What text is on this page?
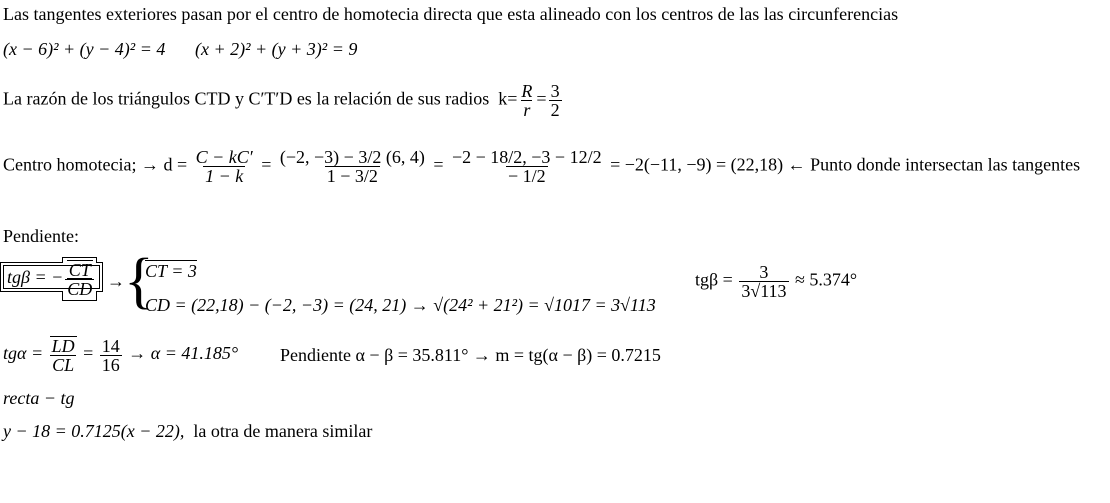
Las tangentes exteriores pasan por el centro de homotecia directa que esta alineado con los centros de las las circunferencias
(x − 6)² + (y − 4)² = 4 (x + 2)² + (y + 3)² = 9
La razón de los triángulos CTD y C′T′D es la relación de sus radios $k= \frac{R}{r} = \frac{3}{2}$
Centro homotecia; → $d = \frac{C - kC'}{1 - k} = \frac{(-2, -3) - 3/2 (6, 4)}{1 - 3/2} = \frac{-2 - 18/2, -3 - 12/2}{- 1/2} = -2(-11$, −9) = (22,18) ← Punto donde intersectan las tangentes
Pendiente:
tgβ = − $\frac{CT}{CD}$ → {
CT = 3
CD = (22,18) − (−2, −3) = (24, 21) → √(24² + 21²) = √1017 = 3√113
$tg\beta = \frac{3}{3√113} \approx 5.374^\circ$
$tg\alpha = \frac{LD}{CL} = \frac{14}{16} \to \alpha = 41.185^\circ$ Pendiente α − β = 35.811° → m = tg(α − β) = 0.7215
recta − tg
y − 18 = 0.7125(x − 22), la otra de manera similar
